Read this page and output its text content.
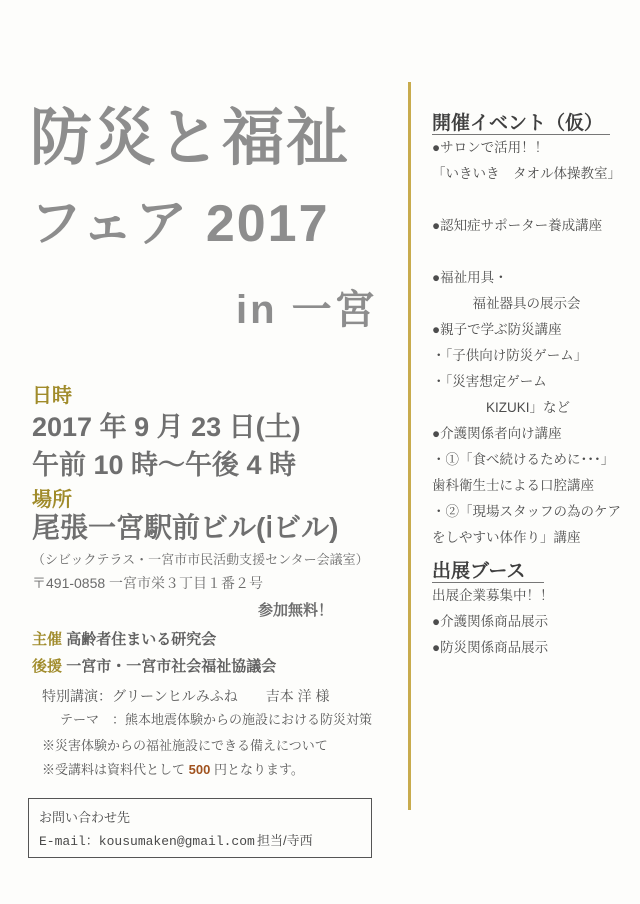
防災と福祉
フェア 2017
in 一宮
日時
2017 年 9 月 23 日(土)
午前 10 時〜午後 4 時
場所
尾張一宮駅前ビル(ⅰビル)
（シビックテラス・一宮市市民活動支援センター会議室）
〒491-0858 一宮市栄３丁目１番２号
参加無料！
主催 高齢者住まいる研究会
後援 一宮市・一宮市社会福祉協議会
特別講演：グリーンヒルみふね　　吉本 洋 様
テーマ　：熊本地震体験からの施設における防災対策
※災害体験からの福祉施設にできる備えについて
※受講料は資料代として 500 円となります。
お問い合わせ先
E-mail：kousumaken@gmail.com 担当/寺西
開催イベント（仮）
●サロンで活用！！
「いきいき　タオル体操教室」
●認知症サポーター養成講座
●福祉用具・
　　　福祉器具の展示会
●親子で学ぶ防災講座
・「子供向け防災ゲーム」
・「災害想定ゲーム
　　　　KIZUKI」など
●介護関係者向け講座
・①「食べ続けるために･･･」
歯科衛生士による口腔講座
・②「現場スタッフの為のケア
をしやすい体作り」講座
出展ブース
出展企業募集中！！
●介護関係商品展示
●防災関係商品展示
